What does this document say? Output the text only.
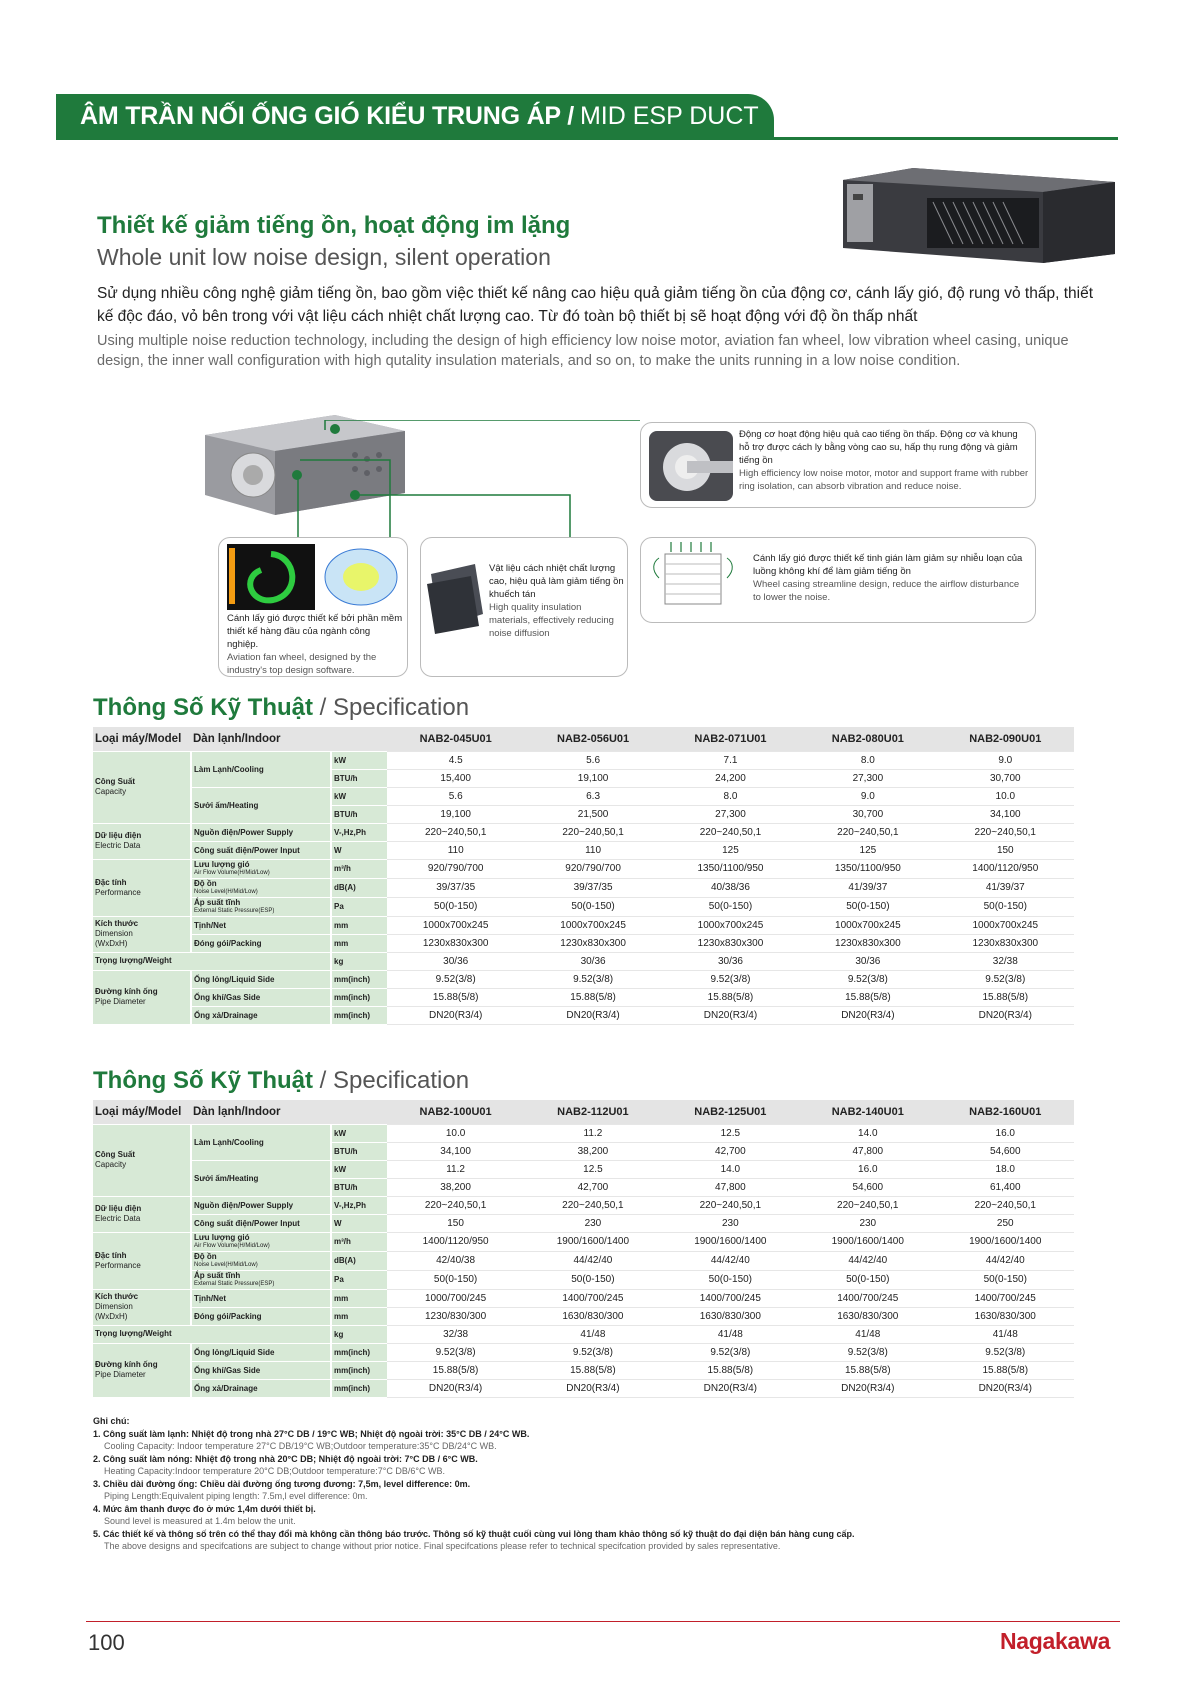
ÂM TRẦN NỐI ỐNG GIÓ KIỂU TRUNG ÁP / MID ESP DUCT
Thiết kế giảm tiếng ồn, hoạt động im lặng
Whole unit low noise design, silent operation
Sử dụng nhiều công nghệ giảm tiếng ồn, bao gồm việc thiết kế nâng cao hiệu quả giảm tiếng ồn của động cơ, cánh lấy gió, độ rung vỏ thấp, thiết kế độc đáo, vỏ bên trong với vật liệu cách nhiệt chất lượng cao. Từ đó toàn bộ thiết bị sẽ hoạt động với độ ồn thấp nhất
Using multiple noise reduction technology, including the design of high efficiency low noise motor, aviation fan wheel, low vibration wheel casing, unique design, the inner wall configuration with high qutality insulation materials, and so on, to make the units running in a low noise condition.
Động cơ hoạt động hiệu quả cao tiếng ồn thấp. Động cơ và khung hỗ trợ được cách ly bằng vòng cao su, hấp thụ rung động và giảm tiếng ồn
High efficiency low noise motor, motor and support frame with rubber ring isolation, can absorb vibration and reduce noise.
Cánh lấy gió được thiết kế bởi phần mềm thiết kế hàng đầu của ngành công nghiệp.
Aviation fan wheel, designed by the industry's top design software.
Vật liệu cách nhiệt chất lượng cao, hiệu quả làm giảm tiếng ồn khuếch tán
High quality insulation materials, effectively reducing noise diffusion
Cánh lấy gió được thiết kế tinh gián làm giảm sự nhiễu loạn của luồng không khí để làm giảm tiếng ồn
Wheel casing streamline design, reduce the airflow disturbance to lower the noise.
Thông Số Kỹ Thuật / Specification
Loại máy/Model	Dàn lạnh/Indoor		NAB2-045U01	NAB2-056U01	NAB2-071U01	NAB2-080U01	NAB2-090U01
Công Suất
Capacity	Làm Lạnh/Cooling	kW	4.5	5.6	7.1	8.0	9.0
		BTU/h	15,400	19,100	24,200	27,300	30,700
	Sưởi ấm/Heating	kW	5.6	6.3	8.0	9.0	10.0
		BTU/h	19,100	21,500	27,300	30,700	34,100
Dữ liệu điện
Electric Data	Nguồn điện/Power Supply	V-,Hz,Ph	220~240,50,1	220~240,50,1	220~240,50,1	220~240,50,1	220~240,50,1
	Công suất điện/Power Input	W	110	110	125	125	150
Đặc tính
Performance	Lưu lượng gió
Air Flow Volume(H/Mid/Low)	m³/h	920/790/700	920/790/700	1350/1100/950	1350/1100/950	1400/1120/950
	Độ ồn
Noise Level(H/Mid/Low)	dB(A)	39/37/35	39/37/35	40/38/36	41/39/37	41/39/37
	Áp suất tĩnh
External Static Pressure(ESP)	Pa	50(0-150)	50(0-150)	50(0-150)	50(0-150)	50(0-150)
Kích thước
Dimension
(WxDxH)	Tịnh/Net	mm	1000x700x245	1000x700x245	1000x700x245	1000x700x245	1000x700x245
	Đóng gói/Packing	mm	1230x830x300	1230x830x300	1230x830x300	1230x830x300	1230x830x300
Trọng lượng/Weight		kg	30/36	30/36	30/36	30/36	32/38
Đường kính ống
Pipe Diameter	Ống lỏng/Liquid Side	mm(inch)	9.52(3/8)	9.52(3/8)	9.52(3/8)	9.52(3/8)	9.52(3/8)
	Ống khí/Gas Side	mm(inch)	15.88(5/8)	15.88(5/8)	15.88(5/8)	15.88(5/8)	15.88(5/8)
	Ống xả/Drainage	mm(inch)	DN20(R3/4)	DN20(R3/4)	DN20(R3/4)	DN20(R3/4)	DN20(R3/4)
Thông Số Kỹ Thuật / Specification
Loại máy/Model	Dàn lạnh/Indoor		NAB2-100U01	NAB2-112U01	NAB2-125U01	NAB2-140U01	NAB2-160U01
Công Suất
Capacity	Làm Lạnh/Cooling	kW	10.0	11.2	12.5	14.0	16.0
		BTU/h	34,100	38,200	42,700	47,800	54,600
	Sưởi ấm/Heating	kW	11.2	12.5	14.0	16.0	18.0
		BTU/h	38,200	42,700	47,800	54,600	61,400
Dữ liệu điện
Electric Data	Nguồn điện/Power Supply	V-,Hz,Ph	220~240,50,1	220~240,50,1	220~240,50,1	220~240,50,1	220~240,50,1
	Công suất điện/Power Input	W	150	230	230	230	250
Đặc tính
Performance	Lưu lượng gió
Air Flow Volume(H/Mid/Low)	m³/h	1400/1120/950	1900/1600/1400	1900/1600/1400	1900/1600/1400	1900/1600/1400
	Độ ồn
Noise Level(H/Mid/Low)	dB(A)	42/40/38	44/42/40	44/42/40	44/42/40	44/42/40
	Áp suất tĩnh
External Static Pressure(ESP)	Pa	50(0-150)	50(0-150)	50(0-150)	50(0-150)	50(0-150)
Kích thước
Dimension
(WxDxH)	Tịnh/Net	mm	1000/700/245	1400/700/245	1400/700/245	1400/700/245	1400/700/245
	Đóng gói/Packing	mm	1230/830/300	1630/830/300	1630/830/300	1630/830/300	1630/830/300
Trọng lượng/Weight		kg	32/38	41/48	41/48	41/48	41/48
Đường kính ống
Pipe Diameter	Ống lỏng/Liquid Side	mm(inch)	9.52(3/8)	9.52(3/8)	9.52(3/8)	9.52(3/8)	9.52(3/8)
	Ống khí/Gas Side	mm(inch)	15.88(5/8)	15.88(5/8)	15.88(5/8)	15.88(5/8)	15.88(5/8)
	Ống xả/Drainage	mm(inch)	DN20(R3/4)	DN20(R3/4)	DN20(R3/4)	DN20(R3/4)	DN20(R3/4)
Ghi chú:
1. Công suất làm lạnh: Nhiệt độ trong nhà 27°C DB / 19°C WB; Nhiệt độ ngoài trời: 35°C DB / 24°C WB.
Cooling Capacity: Indoor temperature 27°C DB/19°C WB;Outdoor temperature:35°C DB/24°C WB.
2. Công suất làm nóng: Nhiệt độ trong nhà 20°C DB; Nhiệt độ ngoài trời: 7°C DB / 6°C WB.
Heating Capacity:Indoor temperature 20°C DB;Outdoor temperature:7°C DB/6°C WB.
3. Chiều dài đường ống: Chiều dài đường ống tương đương: 7,5m, level difference: 0m.
Piping Length:Equivalent piping length: 7.5m,l evel difference: 0m.
4. Mức âm thanh được đo ở mức 1,4m dưới thiết bị.
Sound level is measured at 1.4m below the unit.
5. Các thiết kế và thông số trên có thể thay đổi mà không cần thông báo trước. Thông số kỹ thuật cuối cùng vui lòng tham khảo thông số kỹ thuật do đại diện bán hàng cung cấp.
The above designs and specifcations are subject to change without prior notice. Final specifcations please refer to technical specifcation provided by sales representative.
100	Nagakawa
